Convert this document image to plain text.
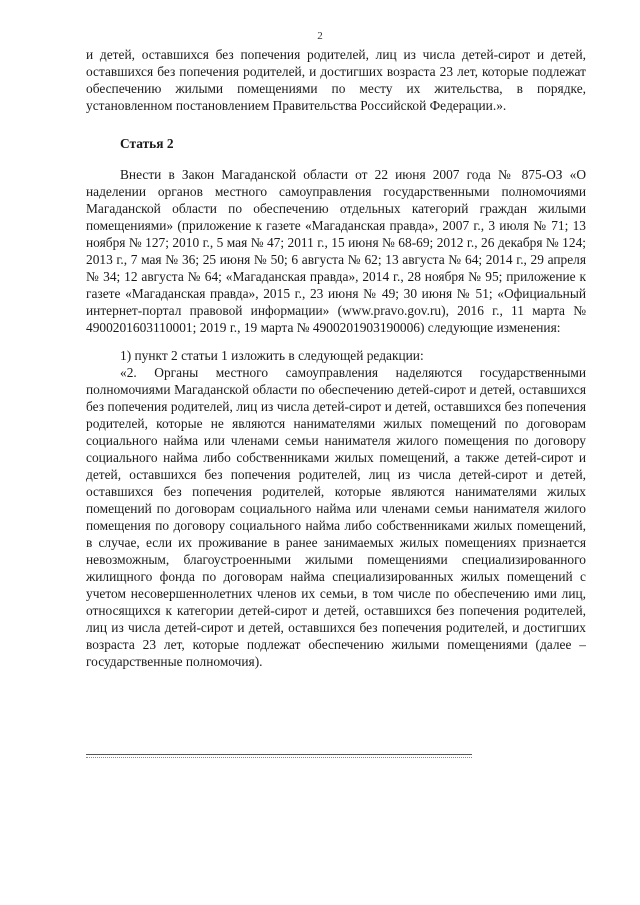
2

и детей, оставшихся без попечения родителей, лиц из числа детей-сирот и детей, оставшихся без попечения родителей, и достигших возраста 23 лет, которые подлежат обеспечению жилыми помещениями по месту их жительства, в порядке, установленном постановлением Правительства Российской Федерации.».

Статья 2

Внести в Закон Магаданской области от 22 июня 2007 года № 875-ОЗ «О наделении органов местного самоуправления государственными полномочиями Магаданской области по обеспечению отдельных категорий граждан жилыми помещениями» (приложение к газете «Магаданская правда», 2007 г., 3 июля № 71; 13 ноября № 127; 2010 г., 5 мая № 47; 2011 г., 15 июня № 68-69; 2012 г., 26 декабря № 124; 2013 г., 7 мая № 36; 25 июня № 50; 6 августа № 62; 13 августа № 64; 2014 г., 29 апреля № 34; 12 августа № 64; «Магаданская правда», 2014 г., 28 ноября № 95; приложение к газете «Магаданская правда», 2015 г., 23 июня № 49; 30 июня № 51; «Официальный интернет-портал правовой информации» (www.pravo.gov.ru), 2016 г., 11 марта № 4900201603110001; 2019 г., 19 марта № 4900201903190006) следующие изменения:

1) пункт 2 статьи 1 изложить в следующей редакции:

«2. Органы местного самоуправления наделяются государственными полномочиями Магаданской области по обеспечению детей-сирот и детей, оставшихся без попечения родителей, лиц из числа детей-сирот и детей, оставшихся без попечения родителей, которые не являются нанимателями жилых помещений по договорам социального найма или членами семьи нанимателя жилого помещения по договору социального найма либо собственниками жилых помещений, а также детей-сирот и детей, оставшихся без попечения родителей, лиц из числа детей-сирот и детей, оставшихся без попечения родителей, которые являются нанимателями жилых помещений по договорам социального найма или членами семьи нанимателя жилого помещения по договору социального найма либо собственниками жилых помещений, в случае, если их проживание в ранее занимаемых жилых помещениях признается невозможным, благоустроенными жилыми помещениями специализированного жилищного фонда по договорам найма специализированных жилых помещений с учетом несовершеннолетних членов их семьи, в том числе по обеспечению ими лиц, относящихся к категории детей-сирот и детей, оставшихся без попечения родителей, лиц из числа детей-сирот и детей, оставшихся без попечения родителей, и достигших возраста 23 лет, которые подлежат обеспечению жилыми помещениями (далее – государственные полномочия).
